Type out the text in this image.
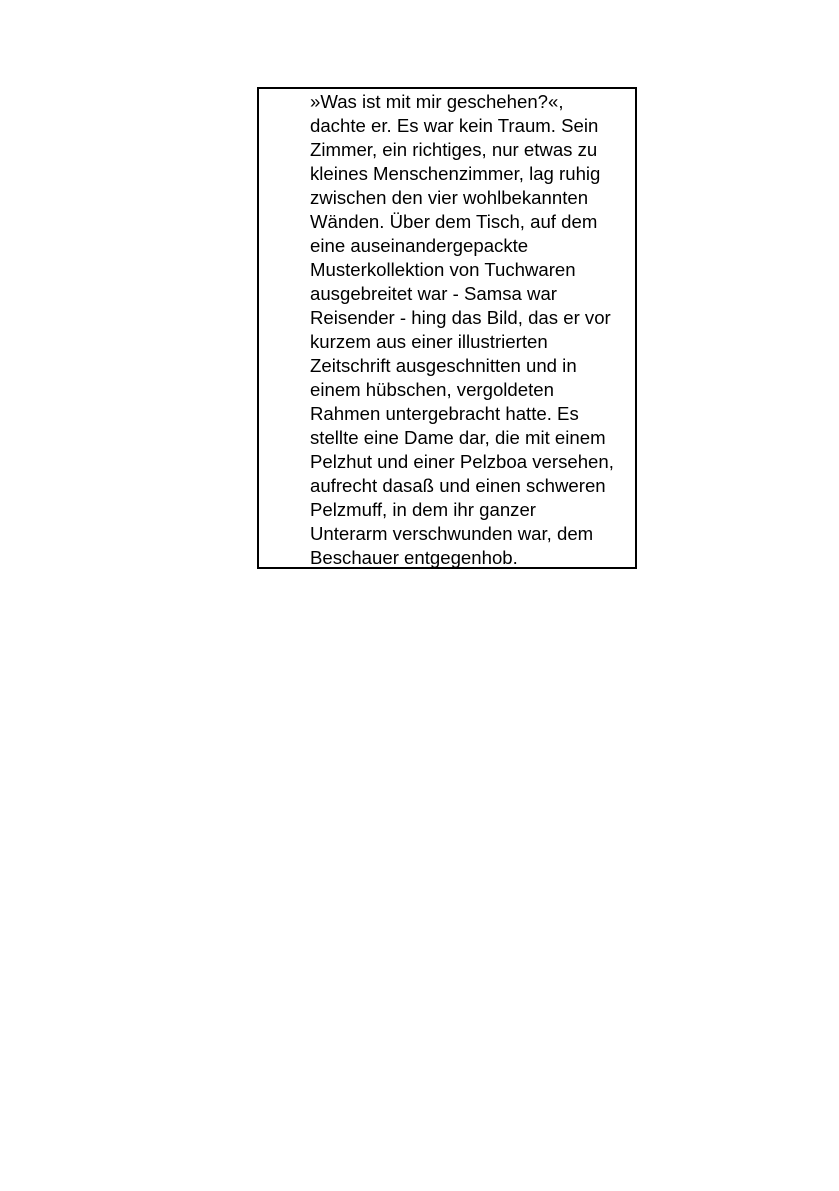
»Was ist mit mir geschehen?«,
dachte er. Es war kein Traum. Sein
Zimmer, ein richtiges, nur etwas zu
kleines Menschenzimmer, lag ruhig
zwischen den vier wohlbekannten
Wänden. Über dem Tisch, auf dem
eine auseinandergepackte
Musterkollektion von Tuchwaren
ausgebreitet war - Samsa war
Reisender - hing das Bild, das er vor
kurzem aus einer illustrierten
Zeitschrift ausgeschnitten und in
einem hübschen, vergoldeten
Rahmen untergebracht hatte. Es
stellte eine Dame dar, die mit einem
Pelzhut und einer Pelzboa versehen,
aufrecht dasaß und einen schweren
Pelzmuff, in dem ihr ganzer
Unterarm verschwunden war, dem
Beschauer entgegenhob.
